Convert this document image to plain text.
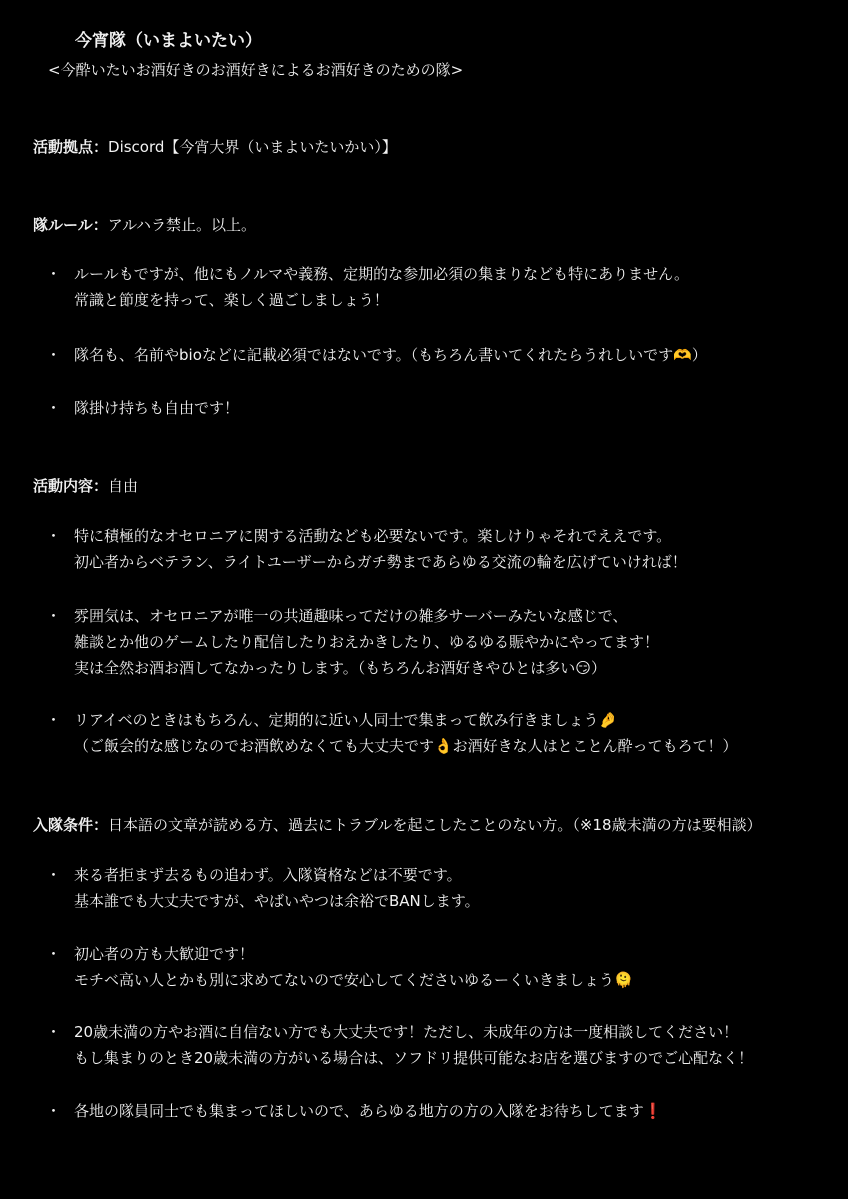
今宵隊（いまよいたい）
<今酔いたいお酒好きのお酒好きによるお酒好きのための隊>
活動拠点：Discord【今宵大界（いまよいたいかい）】
隊ルール：アルハラ禁止。以上。
・ ルールもですが、他にもノルマや義務、定期的な参加必須の集まりなども特にありません。
常識と節度を持って、楽しく過ごしましょう！
・ 隊名も、名前やbioなどに記載必須ではないです。（もちろん書いてくれたらうれしいです🫶）
・ 隊掛け持ちも自由です！
活動内容：自由
・ 特に積極的なオセロニアに関する活動なども必要ないです。楽しけりゃそれでええです。
初心者からベテラン、ライトユーザーからガチ勢まであらゆる交流の輪を広げていければ！
・ 雰囲気は、オセロニアが唯一の共通趣味ってだけの雑多サーバーみたいな感じで、
雑談とか他のゲームしたり配信したりおえかきしたり、ゆるゆる賑やかにやってます！
実は全然お酒お酒してなかったりします。（もちろんお酒好きやひとは多い😏）
・ リアイベのときはもちろん、定期的に近い人同士で集まって飲み行きましょう🤌
（ご飯会的な感じなのでお酒飲めなくても大丈夫です👌お酒好きな人はとことん酔ってもろて！）
入隊条件：日本語の文章が読める方、過去にトラブルを起こしたことのない方。（※18歳未満の方は要相談）
・ 来る者拒まず去るもの追わず。入隊資格などは不要です。
基本誰でも大丈夫ですが、やばいやつは余裕でBANします。
・ 初心者の方も大歓迎です！
モチベ高い人とかも別に求めてないので安心してくださいゆるーくいきましょう🫠
・ 20歳未満の方やお酒に自信ない方でも大丈夫です！ただし、未成年の方は一度相談してください！
もし集まりのとき20歳未満の方がいる場合は、ソフドリ提供可能なお店を選びますのでご心配なく！
・ 各地の隊員同士でも集まってほしいので、あらゆる地方の方の入隊をお待ちしてます❗
